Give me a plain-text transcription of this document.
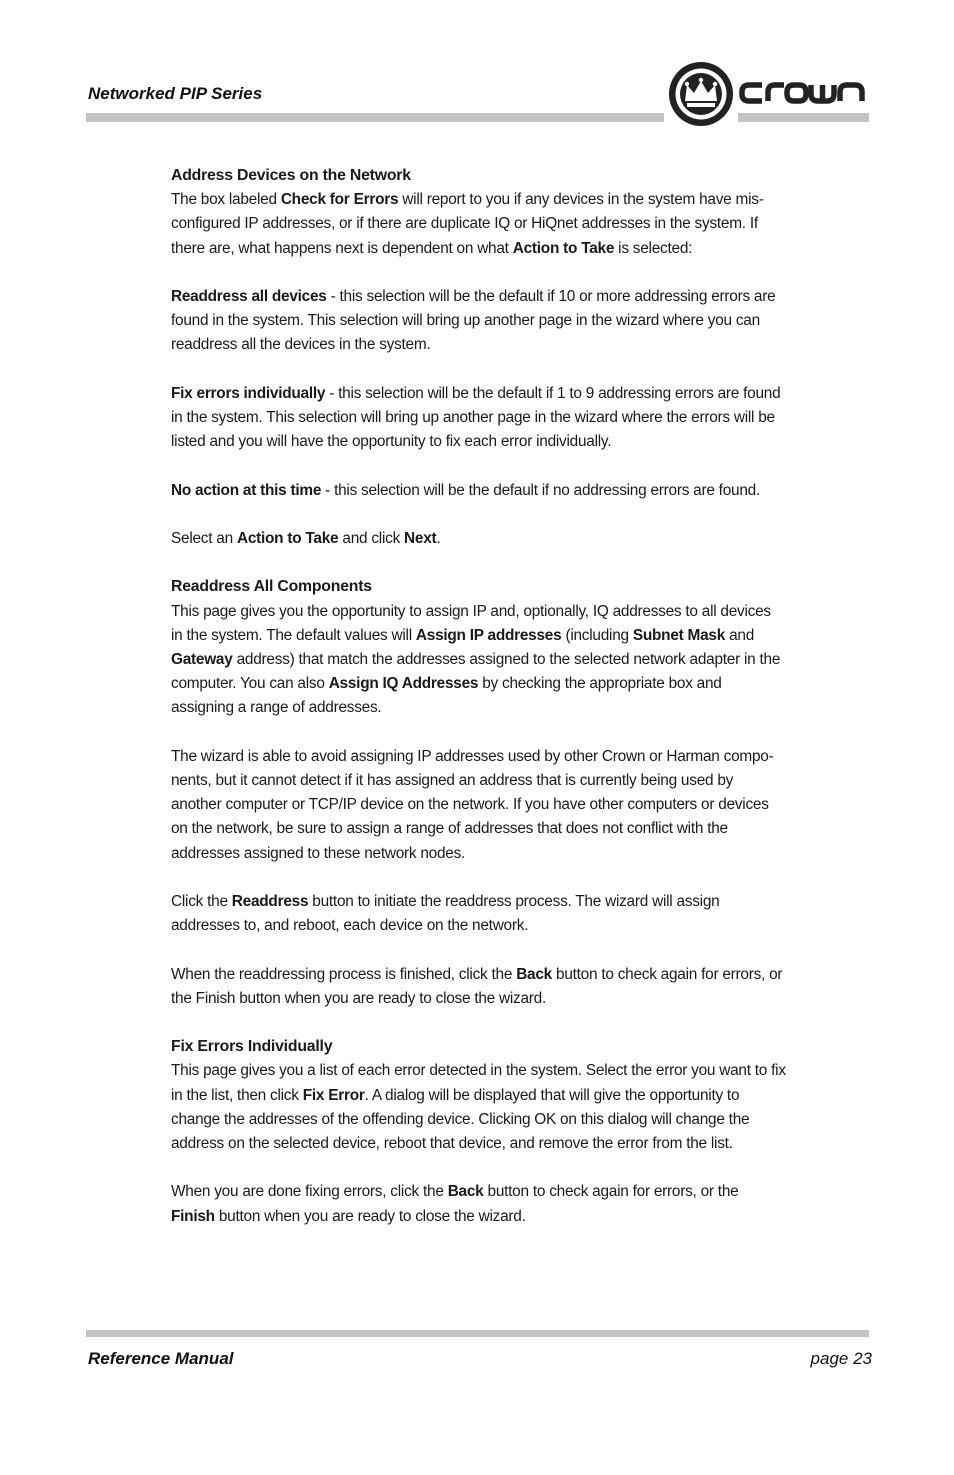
Networked PIP Series
Address Devices on the Network

The box labeled Check for Errors will report to you if any devices in the system have mis-configured IP addresses, or if there are duplicate IQ or HiQnet addresses in the system. If there are, what happens next is dependent on what Action to Take is selected:

Readdress all devices - this selection will be the default if 10 or more addressing errors are found in the system. This selection will bring up another page in the wizard where you can readdress all the devices in the system.

Fix errors individually - this selection will be the default if 1 to 9 addressing errors are found in the system. This selection will bring up another page in the wizard where the errors will be listed and you will have the opportunity to fix each error individually.

No action at this time - this selection will be the default if no addressing errors are found.

Select an Action to Take and click Next.

Readdress All Components

This page gives you the opportunity to assign IP and, optionally, IQ addresses to all devices in the system. The default values will Assign IP addresses (including Subnet Mask and Gateway address) that match the addresses assigned to the selected network adapter in the computer. You can also Assign IQ Addresses by checking the appropriate box and assigning a range of addresses.

The wizard is able to avoid assigning IP addresses used by other Crown or Harman compo-nents, but it cannot detect if it has assigned an address that is currently being used by another computer or TCP/IP device on the network. If you have other computers or devices on the network, be sure to assign a range of addresses that does not conflict with the addresses assigned to these network nodes.

Click the Readdress button to initiate the readdress process. The wizard will assign addresses to, and reboot, each device on the network.

When the readdressing process is finished, click the Back button to check again for errors, or the Finish button when you are ready to close the wizard.

Fix Errors Individually

This page gives you a list of each error detected in the system. Select the error you want to fix in the list, then click Fix Error. A dialog will be displayed that will give the opportunity to change the addresses of the offending device. Clicking OK on this dialog will change the address on the selected device, reboot that device, and remove the error from the list.

When you are done fixing errors, click the Back button to check again for errors, or the Finish button when you are ready to close the wizard.

Reference Manual	page 23
